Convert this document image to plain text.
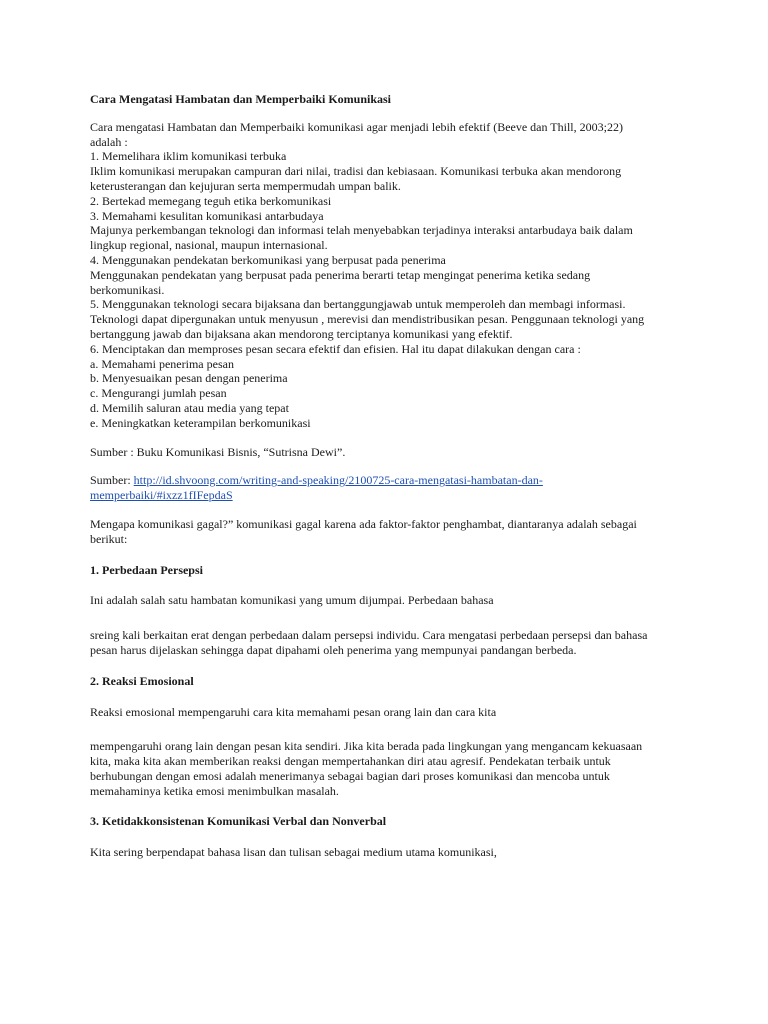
Cara Mengatasi Hambatan dan Memperbaiki Komunikasi
Cara mengatasi Hambatan dan Memperbaiki komunikasi agar menjadi lebih efektif (Beeve dan Thill, 2003;22)
adalah :
1. Memelihara iklim komunikasi terbuka
Iklim komunikasi merupakan campuran dari nilai, tradisi dan kebiasaan. Komunikasi terbuka akan mendorong
keterusterangan dan kejujuran serta mempermudah umpan balik.
2. Bertekad memegang teguh etika berkomunikasi
3. Memahami kesulitan komunikasi antarbudaya
Majunya perkembangan teknologi dan informasi telah menyebabkan terjadinya interaksi antarbudaya baik dalam
lingkup regional, nasional, maupun internasional.
4. Menggunakan pendekatan berkomunikasi yang berpusat pada penerima
Menggunakan pendekatan yang berpusat pada penerima berarti tetap mengingat penerima ketika sedang
berkomunikasi.
5. Menggunakan teknologi secara bijaksana dan bertanggungjawab untuk memperoleh dan membagi informasi.
Teknologi dapat dipergunakan untuk menyusun , merevisi dan mendistribusikan pesan. Penggunaan teknologi yang
bertanggung jawab dan bijaksana akan mendorong terciptanya komunikasi yang efektif.
6. Menciptakan dan memproses pesan secara efektif dan efisien. Hal itu dapat dilakukan dengan cara :
a. Memahami penerima pesan
b. Menyesuaikan pesan dengan penerima
c. Mengurangi jumlah pesan
d. Memilih saluran atau media yang tepat
e. Meningkatkan keterampilan berkomunikasi
Sumber : Buku Komunikasi Bisnis, “Sutrisna Dewi”.
Sumber: http://id.shvoong.com/writing-and-speaking/2100725-cara-mengatasi-hambatan-dan-
memperbaiki/#ixzz1fIFepdaS
Mengapa komunikasi gagal?” komunikasi gagal karena ada faktor-faktor penghambat, diantaranya adalah sebagai
berikut:
1. Perbedaan Persepsi
Ini adalah salah satu hambatan komunikasi yang umum dijumpai. Perbedaan bahasa
sreing kali berkaitan erat dengan perbedaan dalam persepsi individu. Cara mengatasi perbedaan persepsi dan bahasa
pesan harus dijelaskan sehingga dapat dipahami oleh penerima yang mempunyai pandangan berbeda.
2. Reaksi Emosional
Reaksi emosional mempengaruhi cara kita memahami pesan orang lain dan cara kita
mempengaruhi orang lain dengan pesan kita sendiri. Jika kita berada pada lingkungan yang mengancam kekuasaan
kita, maka kita akan memberikan reaksi dengan mempertahankan diri atau agresif. Pendekatan terbaik untuk
berhubungan dengan emosi adalah menerimanya sebagai bagian dari proses komunikasi dan mencoba untuk
memahaminya ketika emosi menimbulkan masalah.
3. Ketidakkonsistenan Komunikasi Verbal dan Nonverbal
Kita sering berpendapat bahasa lisan dan tulisan sebagai medium utama komunikasi,
